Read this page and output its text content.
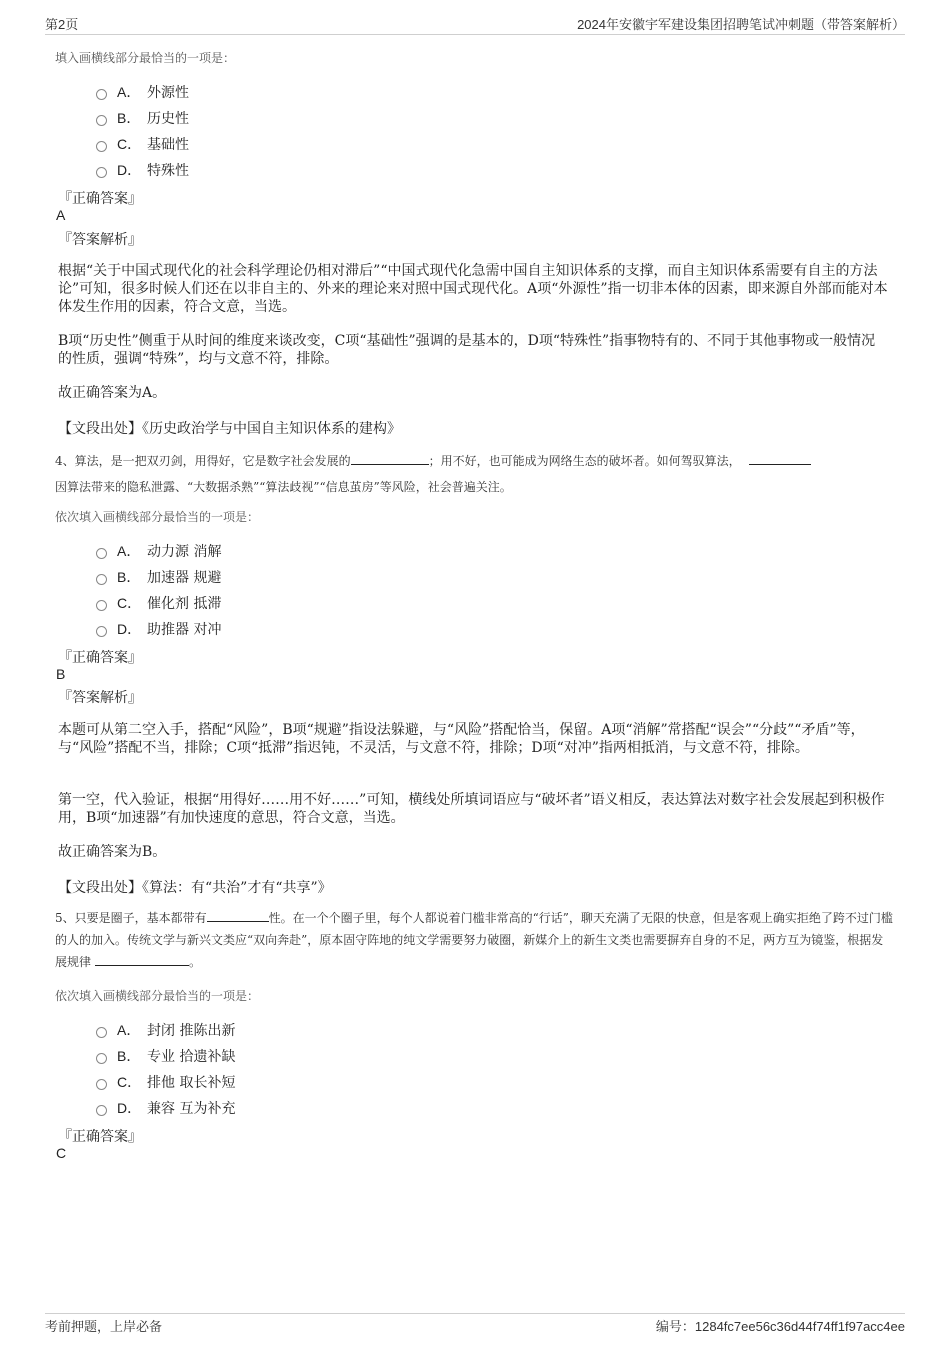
第2页	2024年安徽宇军建设集团招聘笔试冲刺题（带答案解析）
填入画横线部分最恰当的一项是：
A． 外源性
B． 历史性
C． 基础性
D． 特殊性
『正确答案』
A
『答案解析』
根据“关于中国式现代化的社会科学理论仍相对滞后”“中国式现代化急需中国自主知识体系的支撑，而自主知识体系需要有自主的方法论”可知，很多时候人们还在以非自主的、外来的理论来对照中国式现代化。A项“外源性”指一切非本体的因素，即来源自外部而能对本体发生作用的因素，符合文意，当选。
B项“历史性”侧重于从时间的维度来谈改变，C项“基础性”强调的是基本的，D项“特殊性”指事物特有的、不同于其他事物或一般情况的性质，强调“特殊”，均与文意不符，排除。
故正确答案为A。
【文段出处】《历史政治学与中国自主知识体系的建构》
4、算法，是一把双刃剑，用得好，它是数字社会发展的	；用不好，也可能成为网络生态的破坏者。如何驾驭算法，
因算法带来的隐私泄露、“大数据杀熟”“算法歧视”“信息茧房”等风险，社会普遍关注。
依次填入画横线部分最恰当的一项是：
A． 动力源 消解
B． 加速器 规避
C． 催化剂 抵滞
D． 助推器 对冲
『正确答案』
B
『答案解析』
本题可从第二空入手，搭配“风险”，B项“规避”指设法躲避，与“风险”搭配恰当，保留。A项“消解”常搭配“误会”“分歧”“矛盾”等，与“风险”搭配不当，排除；C项“抵滞”指迟钝，不灵活，与文意不符，排除；D项“对冲”指两相抵消，与文意不符，排除。
第一空，代入验证，根据“用得好……用不好……”可知，横线处所填词语应与“破坏者”语义相反，表达算法对数字社会发展起到积极作用，B项“加速器”有加快速度的意思，符合文意，当选。
故正确答案为B。
【文段出处】《算法：有“共治”才有“共享”》
5、只要是圈子，基本都带有	性。在一个个圈子里，每个人都说着门槛非常高的“行话”，聊天充满了无限的快意，但是客观上确实拒绝了跨不过门槛的人的加入。传统文学与新兴文类应“双向奔赴”，原本固守阵地的纯文学需要努力破圈，新媒介上的新生文类也需要摒弃自身的不足，两方互为镜鉴，根据发展规律	。
依次填入画横线部分最恰当的一项是：
A． 封闭 推陈出新
B． 专业 拾遗补缺
C． 排他 取长补短
D． 兼容 互为补充
『正确答案』
C
考前押题，上岸必备	编号：1284fc7ee56c36d44f74ff1f97acc4ee
